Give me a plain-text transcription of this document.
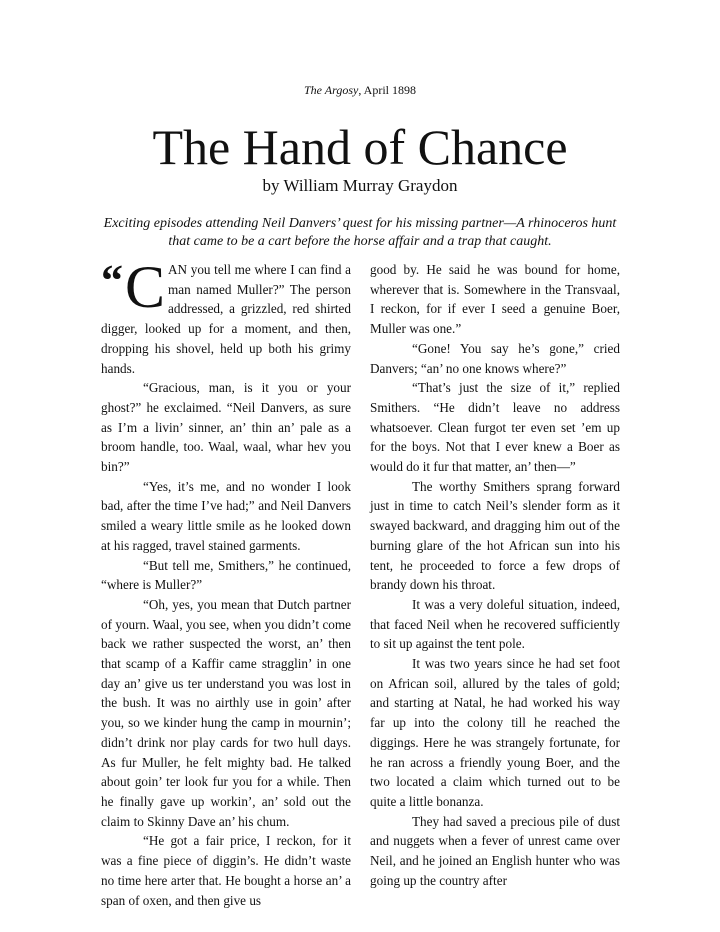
The Argosy, April 1898
The Hand of Chance
by William Murray Graydon
Exciting episodes attending Neil Danvers’ quest for his missing partner—A rhinoceros hunt that came to be a cart before the horse affair and a trap that caught.

“ C AN you tell me where I can find a man named Muller?” The person addressed, a grizzled, red shirted digger, looked up for a moment, and then, dropping his shovel, held up both his grimy hands.

“Gracious, man, is it you or your ghost?” he exclaimed. “Neil Danvers, as sure as I’m a livin’ sinner, an’ thin an’ pale as a broom handle, too. Waal, waal, whar hev you bin?”

“Yes, it’s me, and no wonder I look bad, after the time I’ve had;” and Neil Danvers smiled a weary little smile as he looked down at his ragged, travel stained garments.

“But tell me, Smithers,” he continued, “where is Muller?”

“Oh, yes, you mean that Dutch partner of yourn. Waal, you see, when you didn’t come back we rather suspected the worst, an’ then that scamp of a Kaffir came stragglin’ in one day an’ give us ter understand you was lost in the bush. It was no airthly use in goin’ after you, so we kinder hung the camp in mournin’; didn’t drink nor play cards for two hull days. As fur Muller, he felt mighty bad. He talked about goin’ ter look fur you for a while. Then he finally gave up workin’, an’ sold out the claim to Skinny Dave an’ his chum.

“He got a fair price, I reckon, for it was a fine piece of diggin’s. He didn’t waste no time here arter that. He bought a horse an’ a span of oxen, and then give us

good by. He said he was bound for home, wherever that is. Somewhere in the Transvaal, I reckon, for if ever I seed a genuine Boer, Muller was one.”

“Gone! You say he’s gone,” cried Danvers; “an’ no one knows where?”

“That’s just the size of it,” replied Smithers. “He didn’t leave no address whatsoever. Clean furgot ter even set ’em up for the boys. Not that I ever knew a Boer as would do it fur that matter, an’ then—”

The worthy Smithers sprang forward just in time to catch Neil’s slender form as it swayed backward, and dragging him out of the burning glare of the hot African sun into his tent, he proceeded to force a few drops of brandy down his throat.

It was a very doleful situation, indeed, that faced Neil when he recovered sufficiently to sit up against the tent pole.

It was two years since he had set foot on African soil, allured by the tales of gold; and starting at Natal, he had worked his way far up into the colony till he reached the diggings. Here he was strangely fortunate, for he ran across a friendly young Boer, and the two located a claim which turned out to be quite a little bonanza.

They had saved a precious pile of dust and nuggets when a fever of unrest came over Neil, and he joined an English hunter who was going up the country after
